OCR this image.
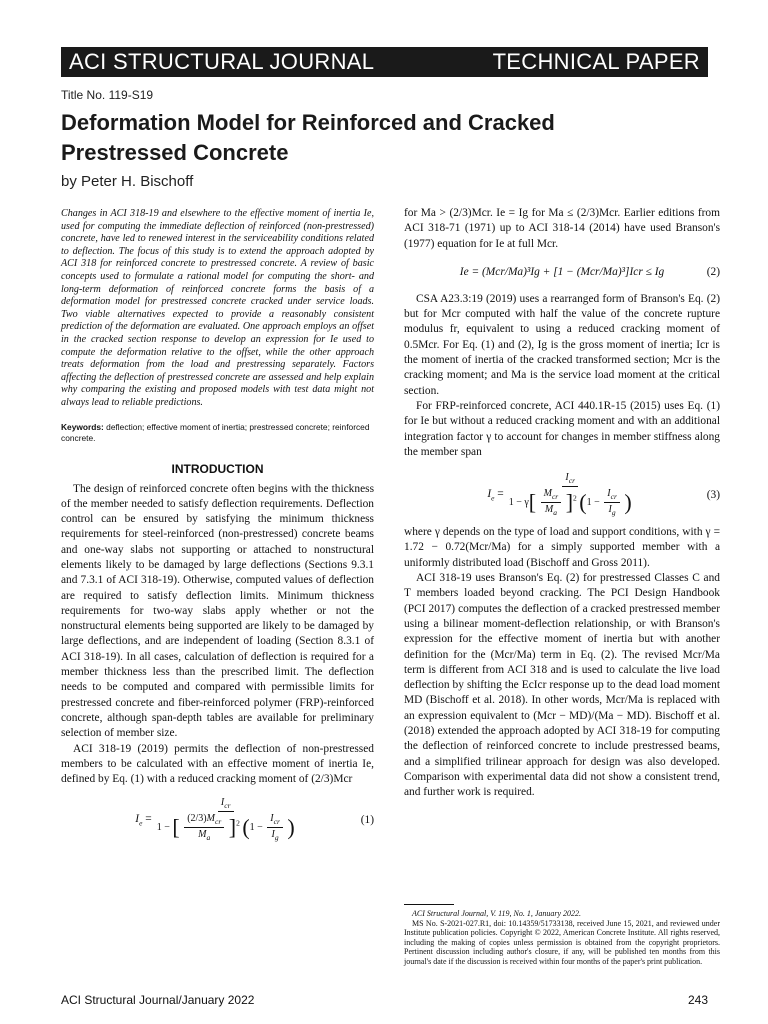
ACI STRUCTURAL JOURNAL	TECHNICAL PAPER
Title No. 119-S19
Deformation Model for Reinforced and Cracked Prestressed Concrete
by Peter H. Bischoff

Changes in ACI 318-19 and elsewhere to the effective moment of inertia Ie, used for computing the immediate deflection of reinforced (non-prestressed) concrete, have led to renewed interest in the serviceability conditions related to deflection. The focus of this study is to extend the approach adopted by ACI 318 for reinforced concrete to prestressed concrete. A review of basic concepts used to formulate a rational model for computing the short- and long-term deformation of reinforced concrete forms the basis of a deformation model for prestressed concrete cracked under service loads. Two viable alternatives expected to provide a reasonably consistent prediction of the deformation are evaluated. One approach employs an offset in the cracked section response to develop an expression for Ie used to compute the deformation relative to the offset, while the other approach treats deformation from the load and prestressing separately. Factors affecting the deflection of prestressed concrete are assessed and help explain why comparing the existing and proposed models with test data might not always lead to reliable predictions.

Keywords: deflection; effective moment of inertia; prestressed concrete; reinforced concrete.

INTRODUCTION

The design of reinforced concrete often begins with the thickness of the member needed to satisfy deflection requirements. Deflection control can be ensured by satisfying the minimum thickness requirements for steel-reinforced (non-prestressed) concrete beams and one-way slabs not supporting or attached to nonstructural elements likely to be damaged by large deflections (Sections 9.3.1 and 7.3.1 of ACI 318-19). Otherwise, computed values of deflection are required to satisfy deflection limits. Minimum thickness requirements for two-way slabs apply whether or not the nonstructural elements being supported are likely to be damaged by large deflections, and are independent of loading (Section 8.3.1 of ACI 318-19). In all cases, calculation of deflection is required for a member thickness less than the prescribed limit. The deflection needs to be computed and compared with permissible limits for prestressed concrete and fiber-reinforced polymer (FRP)-reinforced concrete, although span-depth tables are available for preliminary selection of member size.

ACI 318-19 (2019) permits the deflection of non-prestressed members to be calculated with an effective moment of inertia Ie, defined by Eq. (1) with a reduced cracking moment of (2/3)Mcr

$I_e$ =
$I_{cr}$
1 − [ $\frac{(2/3)M_{cr}}{M_a} ]^2$ ($1 - \frac{I_{cr}}{I_g}$ )	(1)

for Ma > (2/3)Mcr. Ie = Ig for Ma ≤ (2/3)Mcr. Earlier editions from ACI 318-71 (1971) up to ACI 318-14 (2014) have used Branson's (1977) equation for Ie at full Mcr.

Ie = (Mcr/Ma)³Ig + [1 − (Mcr/Ma)³]Icr ≤ Ig	(2)

CSA A23.3:19 (2019) uses a rearranged form of Branson's Eq. (2) but for Mcr computed with half the value of the concrete rupture modulus fr, equivalent to using a reduced cracking moment of 0.5Mcr. For Eq. (1) and (2), Ig is the gross moment of inertia; Icr is the moment of inertia of the cracked transformed section; Mcr is the cracking moment; and Ma is the service load moment at the critical section.

For FRP-reinforced concrete, ACI 440.1R-15 (2015) uses Eq. (1) for Ie but without a reduced cracking moment and with an additional integration factor γ to account for changes in member stiffness along the member span

$I_e$ =
$I_{cr}$
$1 - \gamma[ \frac{M_{cr}}{M_a} ]^2$ ($1 - \frac{I_{cr}}{I_g}$ )	(3)

where γ depends on the type of load and support conditions, with γ = 1.72 − 0.72(Mcr/Ma) for a simply supported member with a uniformly distributed load (Bischoff and Gross 2011).

ACI 318-19 uses Branson's Eq. (2) for prestressed Classes C and T members loaded beyond cracking. The PCI Design Handbook (PCI 2017) computes the deflection of a cracked prestressed member using a bilinear moment-deflection relationship, or with Branson's expression for the effective moment of inertia but with another definition for the (Mcr/Ma) term in Eq. (2). The revised Mcr/Ma term is different from ACI 318 and is used to calculate the live load deflection by shifting the EcIcr response up to the dead load moment MD (Bischoff et al. 2018). In other words, Mcr/Ma is replaced with an expression equivalent to (Mcr − MD)/(Ma − MD). Bischoff et al. (2018) extended the approach adopted by ACI 318-19 for computing the deflection of reinforced concrete to include prestressed beams, and a simplified trilinear approach for design was also developed. Comparison with experimental data did not show a consistent trend, and further work is required.

ACI Structural Journal, V. 119, No. 1, January 2022.
MS No. S-2021-027.R1, doi: 10.14359/51733138, received June 15, 2021, and reviewed under Institute publication policies. Copyright © 2022, American Concrete Institute. All rights reserved, including the making of copies unless permission is obtained from the copyright proprietors. Pertinent discussion including author's closure, if any, will be published ten months from this journal's date if the discussion is received within four months of the paper's print publication.
ACI Structural Journal/January 2022	243
